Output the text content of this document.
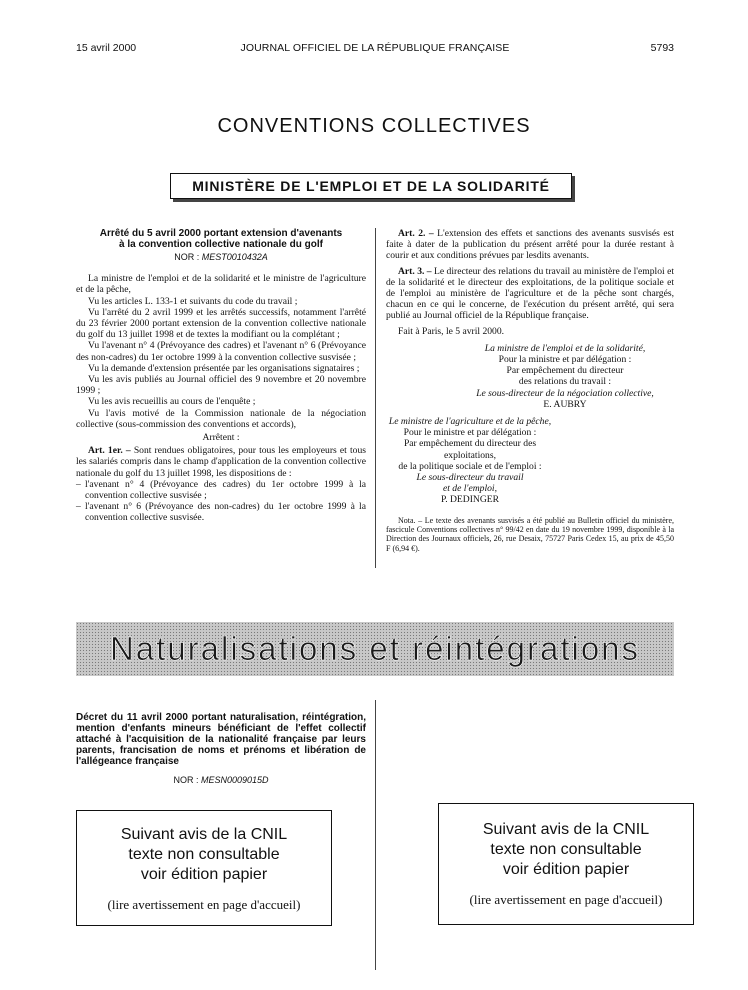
15 avril 2000	JOURNAL OFFICIEL DE LA RÉPUBLIQUE FRANÇAISE	5793
CONVENTIONS COLLECTIVES
MINISTÈRE DE L'EMPLOI ET DE LA SOLIDARITÉ
Arrêté du 5 avril 2000 portant extension d'avenants
à la convention collective nationale du golf
NOR : MEST0010432A

La ministre de l'emploi et de la solidarité et le ministre de l'agriculture et de la pêche,

Vu les articles L. 133-1 et suivants du code du travail ;

Vu l'arrêté du 2 avril 1999 et les arrêtés successifs, notamment l'arrêté du 23 février 2000 portant extension de la convention collective nationale du golf du 13 juillet 1998 et de textes la modifiant ou la complétant ;

Vu l'avenant n° 4 (Prévoyance des cadres) et l'avenant n° 6 (Prévoyance des non-cadres) du 1er octobre 1999 à la convention collective susvisée ;

Vu la demande d'extension présentée par les organisations signataires ;

Vu les avis publiés au Journal officiel des 9 novembre et 20 novembre 1999 ;

Vu les avis recueillis au cours de l'enquête ;

Vu l'avis motivé de la Commission nationale de la négociation collective (sous-commission des conventions et accords),

Arrêtent :

Art. 1er. – Sont rendues obligatoires, pour tous les employeurs et tous les salariés compris dans le champ d'application de la convention collective nationale du golf du 13 juillet 1998, les dispositions de :

– l'avenant n° 4 (Prévoyance des cadres) du 1er octobre 1999 à la convention collective susvisée ;

– l'avenant n° 6 (Prévoyance des non-cadres) du 1er octobre 1999 à la convention collective susvisée.

Art. 2. – L'extension des effets et sanctions des avenants susvisés est faite à dater de la publication du présent arrêté pour la durée restant à courir et aux conditions prévues par lesdits avenants.

Art. 3. – Le directeur des relations du travail au ministère de l'emploi et de la solidarité et le directeur des exploitations, de la politique sociale et de l'emploi au ministère de l'agriculture et de la pêche sont chargés, chacun en ce qui le concerne, de l'exécution du présent arrêté, qui sera publié au Journal officiel de la République française.

Fait à Paris, le 5 avril 2000.

La ministre de l'emploi et de la solidarité,

Pour la ministre et par délégation :

Par empêchement du directeur

des relations du travail :

Le sous-directeur de la négociation collective,

E. AUBRY

Le ministre de l'agriculture et de la pêche,

Pour le ministre et par délégation :

Par empêchement du directeur des exploitations,

de la politique sociale et de l'emploi :

Le sous-directeur du travail

et de l'emploi,

P. DEDINGER

Nota. – Le texte des avenants susvisés a été publié au Bulletin officiel du ministère, fascicule Conventions collectives n° 99/42 en date du 19 novembre 1999, disponible à la Direction des Journaux officiels, 26, rue Desaix, 75727 Paris Cedex 15, au prix de 45,50 F (6,94 €).

Naturalisations et réintégrations
Décret du 11 avril 2000 portant naturalisation, réintégration, mention d'enfants mineurs bénéficiant de l'effet collectif attaché à l'acquisition de la nationalité française par leurs parents, francisation de noms et prénoms et libération de l'allégeance française
NOR : MESN0009015D
Suivant avis de la CNIL
texte non consultable
voir édition papier
(lire avertissement en page d'accueil)
Suivant avis de la CNIL
texte non consultable
voir édition papier
(lire avertissement en page d'accueil)
